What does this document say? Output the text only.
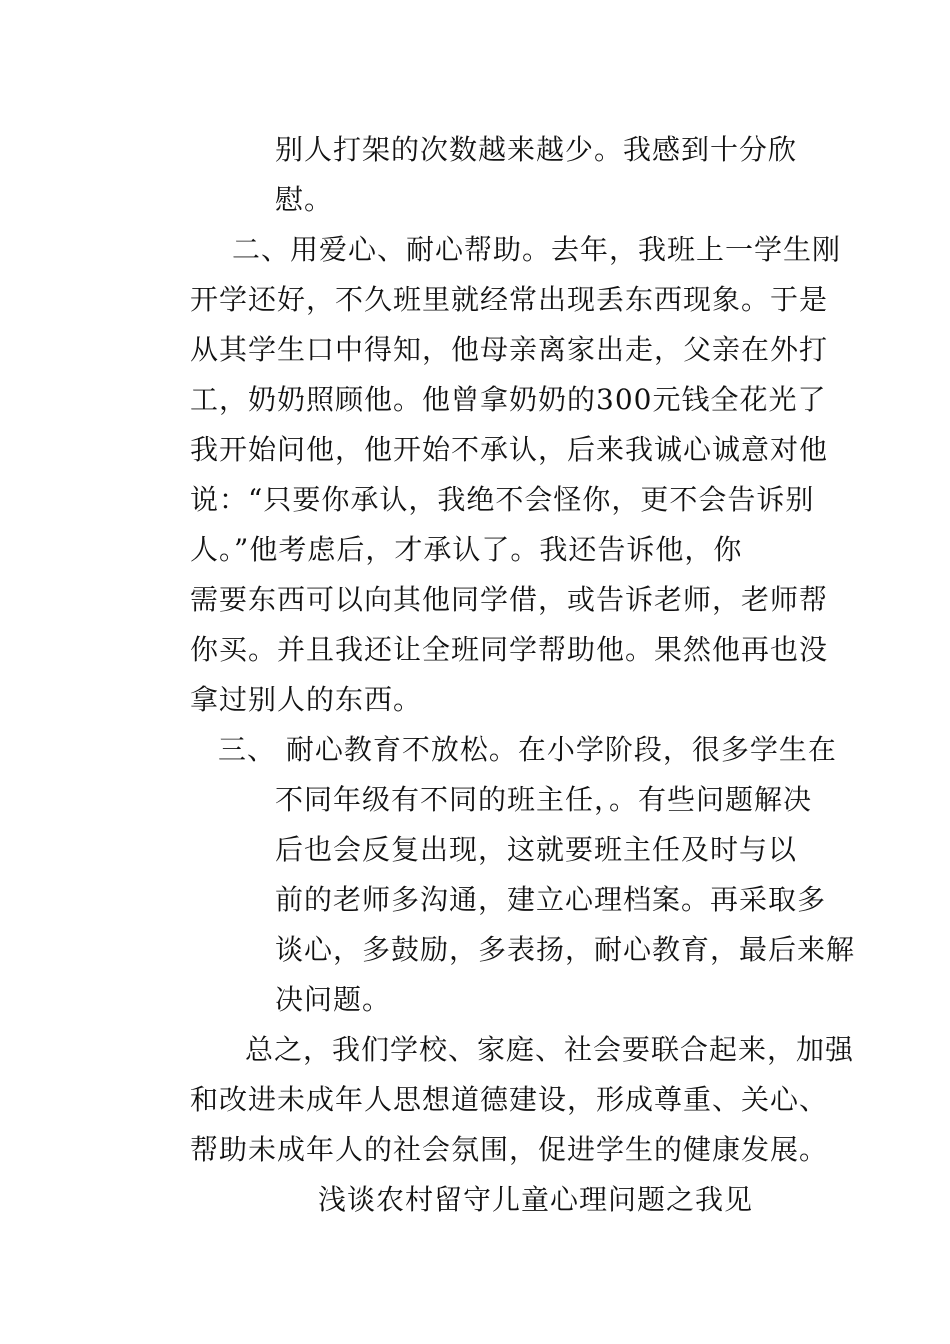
别人打架的次数越来越少。我感到十分欣
慰。
二、用爱心、耐心帮助。去年，我班上一学生刚
开学还好，不久班里就经常出现丢东西现象。于是
从其学生口中得知，他母亲离家出走，父亲在外打
工，奶奶照顾他。他曾拿奶奶的300元钱全花光了
我开始问他，他开始不承认，后来我诚心诚意对他
说：“只要你承认，我绝不会怪你，更不会告诉别
人。”他考虑后，才承认了。我还告诉他，你
需要东西可以向其他同学借，或告诉老师，老师帮
你买。并且我还让全班同学帮助他。果然他再也没
拿过别人的东西。
三、 耐心教育不放松。在小学阶段，很多学生在
不同年级有不同的班主任，。有些问题解决
后也会反复出现，这就要班主任及时与以
前的老师多沟通，建立心理档案。再采取多
谈心，多鼓励，多表扬，耐心教育，最后来解
决问题。
总之，我们学校、家庭、社会要联合起来，加强
和改进未成年人思想道德建设，形成尊重、关心、
帮助未成年人的社会氛围，促进学生的健康发展。
浅谈农村留守儿童心理问题之我见
